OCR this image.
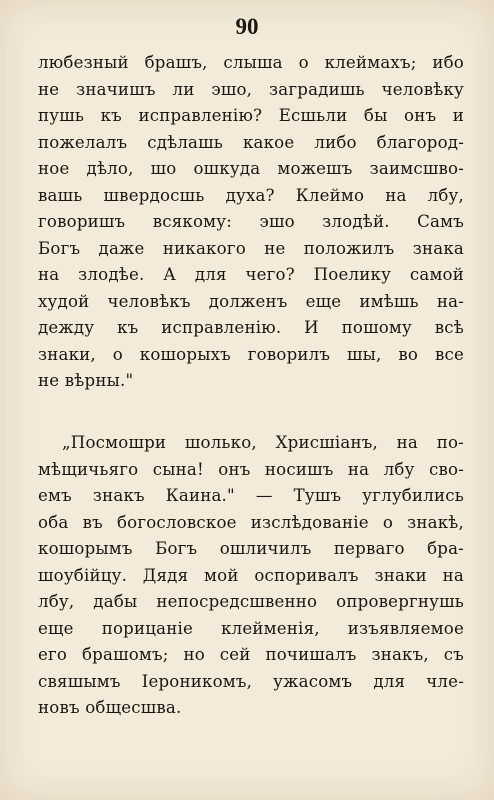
90
любезный брашъ, слыша о клеймахъ; ибо
не значишъ ли эшо, заградишь человѣку
пушь къ исправленію? Есшьли бы онъ и
пожелалъ сдѣлашь какое либо благород-
ное дѣло, шо ошкуда можешъ заимсшво-
вашь швердосшь духа? Клеймо на лбу,
говоришъ всякому: эшо злодѣй. Самъ
Богъ даже никакого не положилъ знака
на злодѣе. А для чего? Поелику самой
худой человѣкъ долженъ еще имѣшь на-
дежду къ исправленію. И пошому всѣ
знаки, о кошорыхъ говорилъ шы, во все
не вѣрны."
„Посмошри шолько, Хрисшіанъ, на по-
мѣщичьяго сына! онъ носишъ на лбу сво-
емъ знакъ Каина." — Тушъ углубились
оба въ богословское изслѣдованіе о знакѣ,
кошорымъ Богъ ошличилъ перваго бра-
шоубійцу. Дядя мой оспоривалъ знаки на
лбу, дабы непосредсшвенно опровергнушь
еще порицаніе клейменія, изъявляемое
его брашомъ; но сей почишалъ знакъ, съ
свяшымъ Іероникомъ, ужасомъ для чле-
новъ общесшва.
